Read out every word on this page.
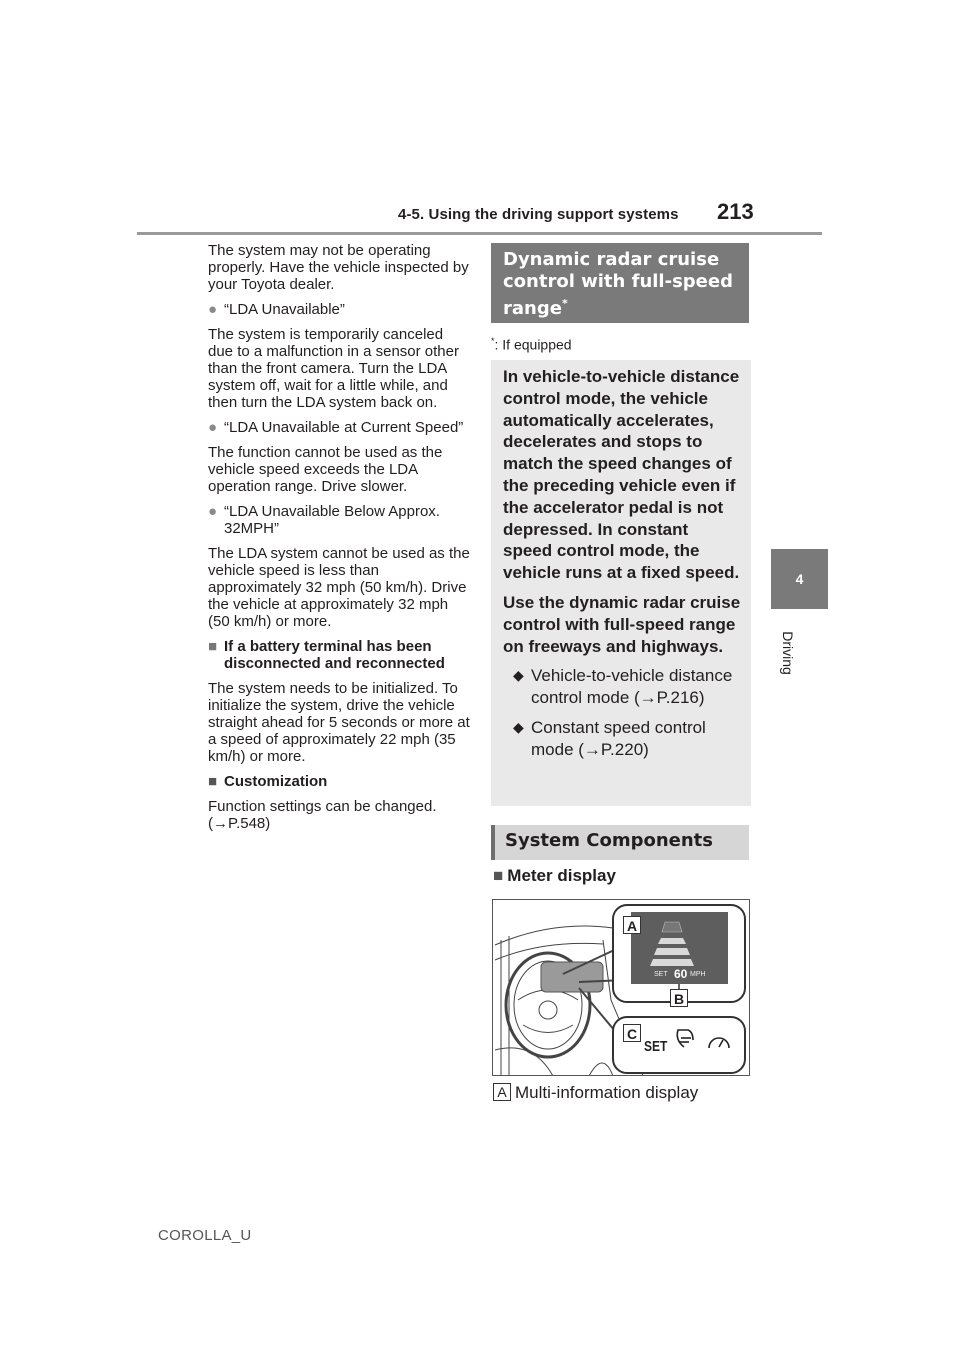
4-5. Using the driving support systems 213
4
Driving

The system may not be operating properly. Have the vehicle inspected by your Toyota dealer.

● “LDA Unavailable”

The system is temporarily canceled due to a malfunction in a sensor other than the front camera. Turn the LDA system off, wait for a little while, and then turn the LDA system back on.

● “LDA Unavailable at Current Speed”

The function cannot be used as the vehicle speed exceeds the LDA operation range. Drive slower.

● “LDA Unavailable Below Approx. 32MPH”

The LDA system cannot be used as the vehicle speed is less than approximately 32 mph (50 km/h). Drive the vehicle at approximately 32 mph (50 km/h) or more.

■ If a battery terminal has been disconnected and reconnected

The system needs to be initialized. To initialize the system, drive the vehicle straight ahead for 5 seconds or more at a speed of approximately 22 mph (35 km/h) or more.

■ Customization

Function settings can be changed. (→P.548)

Dynamic radar cruise control with full-speed range*
*: If equipped

In vehicle-to-vehicle distance control mode, the vehicle automatically accelerates, decelerates and stops to match the speed changes of the preceding vehicle even if the accelerator pedal is not depressed. In constant speed control mode, the vehicle runs at a fixed speed.

Use the dynamic radar cruise control with full-speed range on freeways and highways.

◆ Vehicle-to-vehicle distance control mode (→P.216)
◆ Constant speed control mode (→P.220)
System Components
■ Meter display
A
B
C
SET 60 MPH
SET
A Multi-information display
COROLLA_U
